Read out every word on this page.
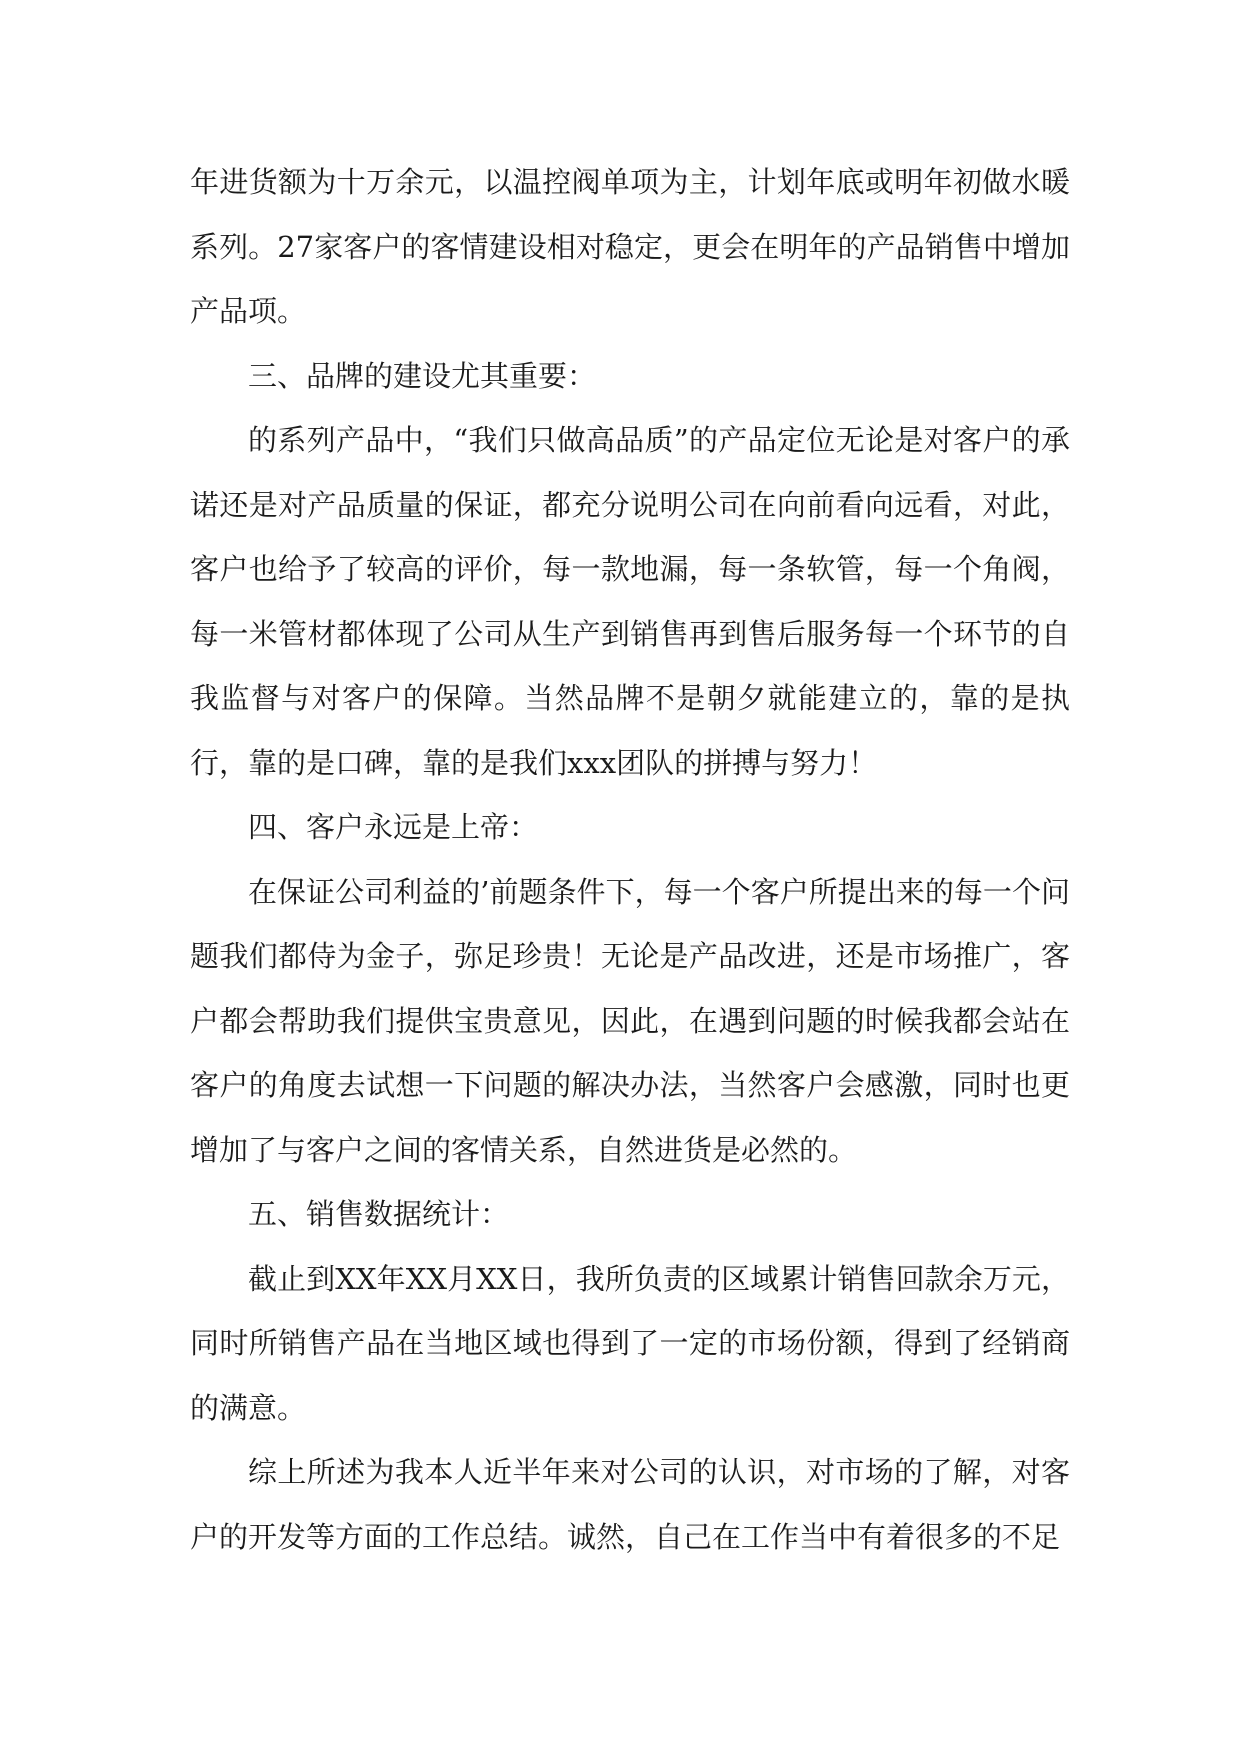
年进货额为十万余元，以温控阀单项为主，计划年底或明年初做水暖系列。27家客户的客情建设相对稳定，更会在明年的产品销售中增加产品项。

三、品牌的建设尤其重要：

的系列产品中，“我们只做高品质”的产品定位无论是对客户的承诺还是对产品质量的保证，都充分说明公司在向前看向远看，对此，客户也给予了较高的评价，每一款地漏，每一条软管，每一个角阀，每一米管材都体现了公司从生产到销售再到售后服务每一个环节的自我监督与对客户的保障。当然品牌不是朝夕就能建立的，靠的是执行，靠的是口碑，靠的是我们xxx团队的拼搏与努力！

四、客户永远是上帝：

在保证公司利益的’前题条件下，每一个客户所提出来的每一个问题我们都侍为金子，弥足珍贵！无论是产品改进，还是市场推广，客户都会帮助我们提供宝贵意见，因此，在遇到问题的时候我都会站在客户的角度去试想一下问题的解决办法，当然客户会感激，同时也更增加了与客户之间的客情关系，自然进货是必然的。

五、销售数据统计：

截止到XX年XX月XX日，我所负责的区域累计销售回款余万元，同时所销售产品在当地区域也得到了一定的市场份额，得到了经销商的满意。

综上所述为我本人近半年来对公司的认识，对市场的了解，对客户的开发等方面的工作总结。诚然，自己在工作当中有着很多的不足
